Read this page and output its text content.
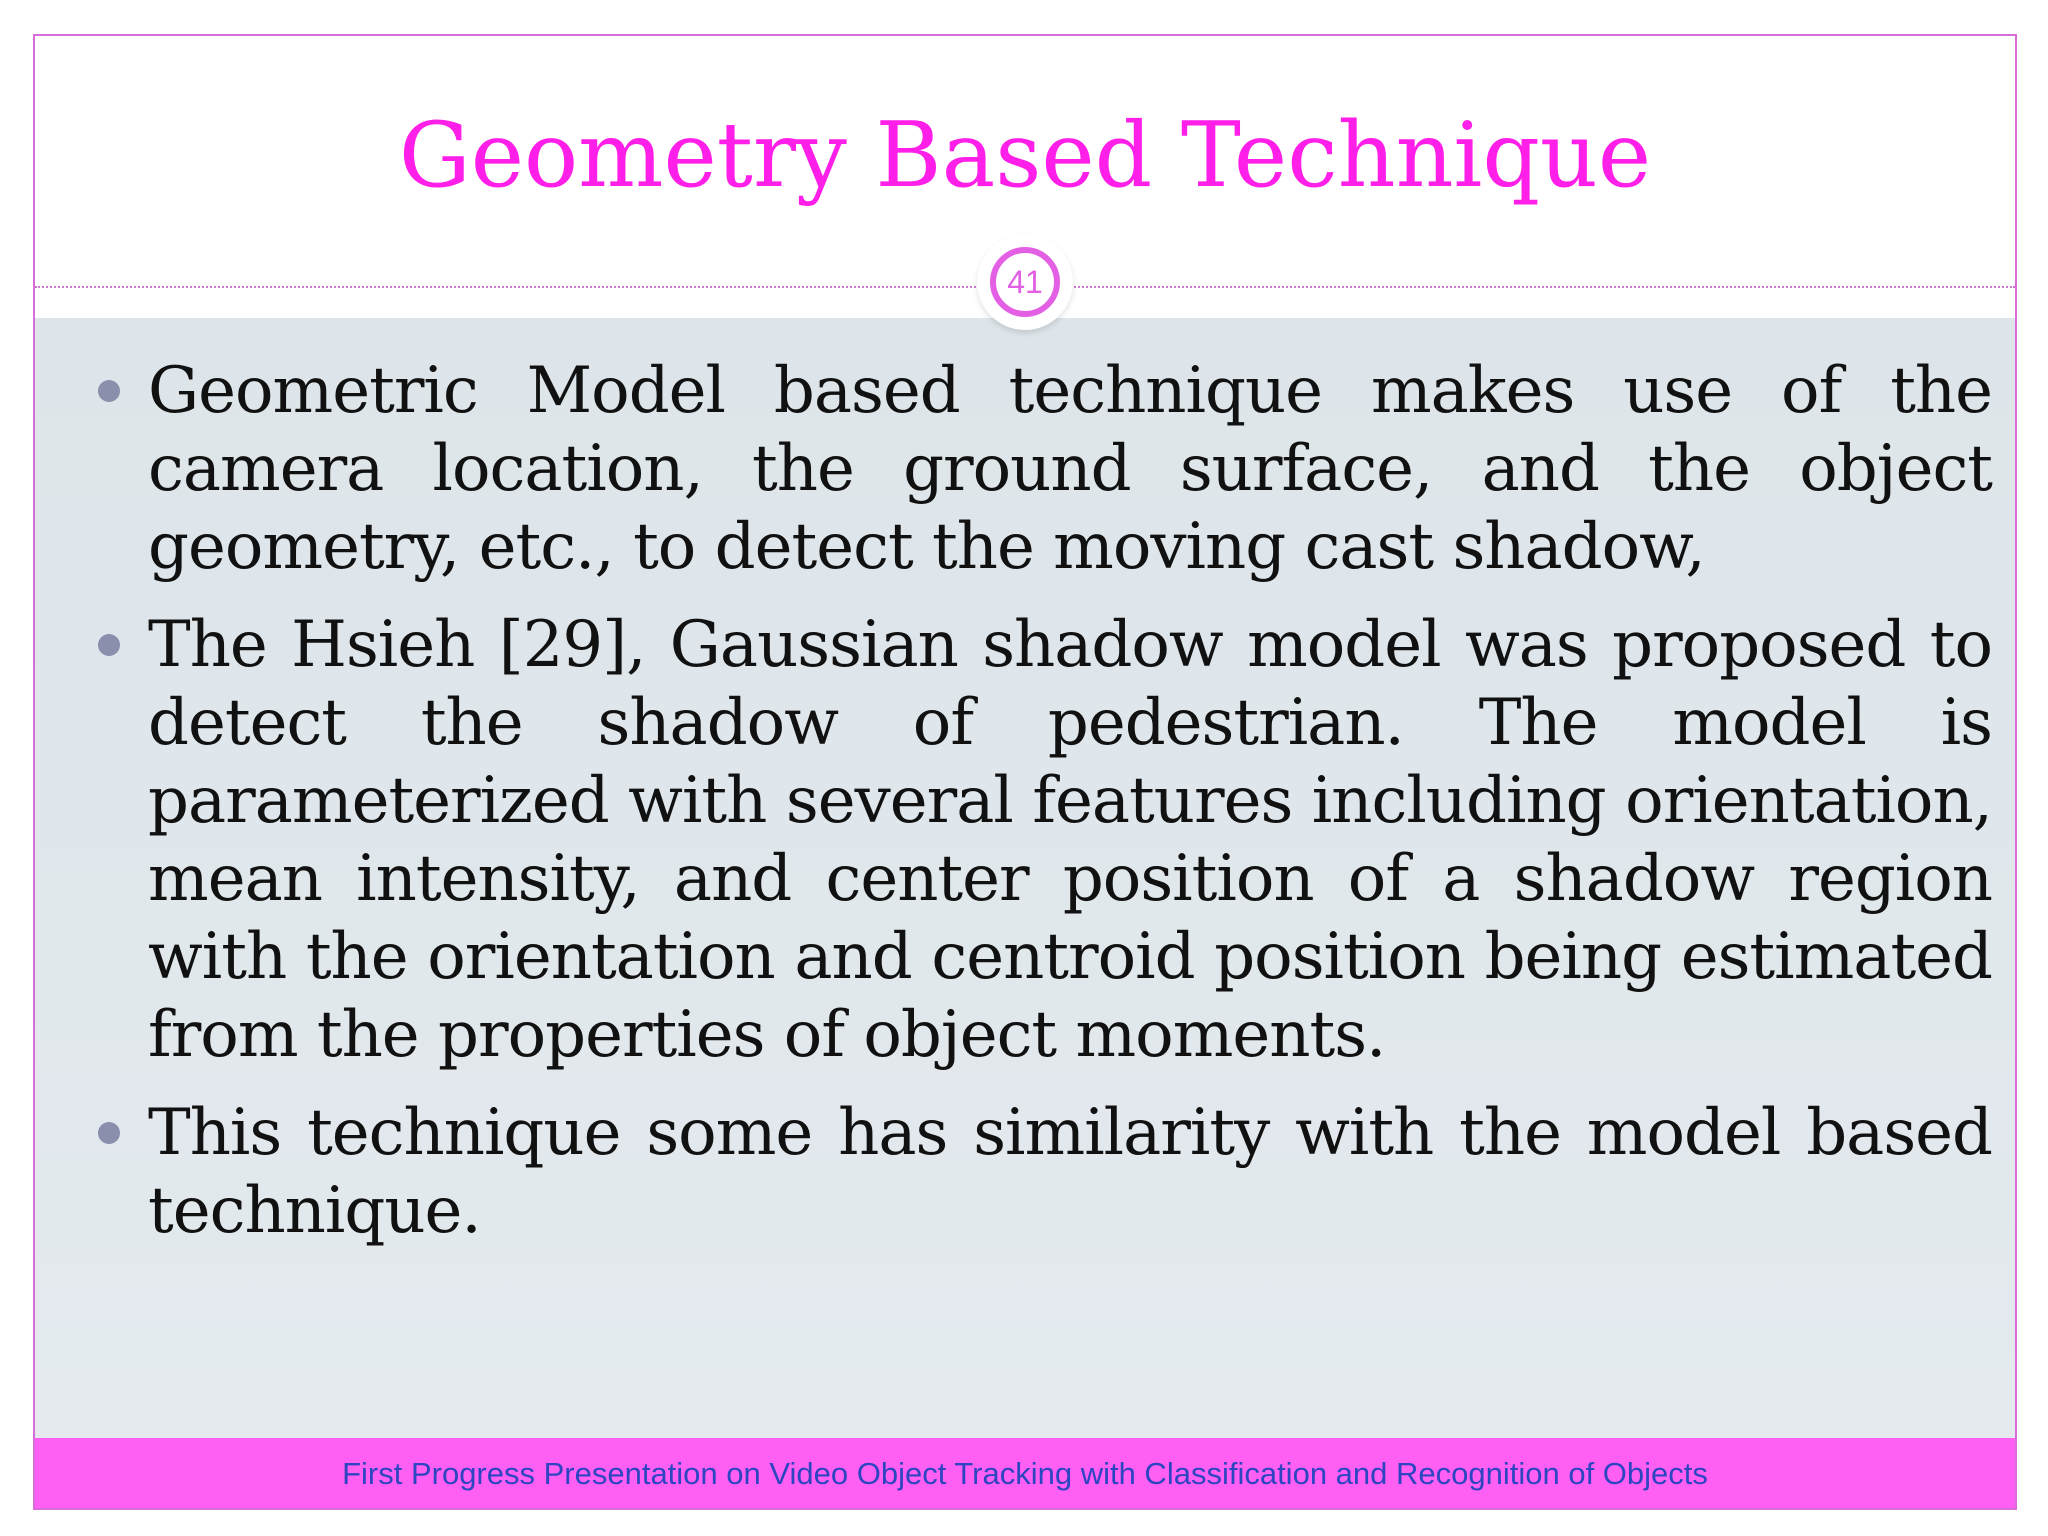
Geometry Based Technique
41
Geometric Model based technique makes use of the camera location, the ground surface, and the object geometry, etc., to detect the moving cast shadow,
The Hsieh [29], Gaussian shadow model was proposed to detect the shadow of pedestrian. The model is parameterized with several features including orientation, mean intensity, and center position of a shadow region with the orientation and centroid position being estimated from the properties of object moments.
This technique some has similarity with the model based technique.
First Progress Presentation on Video Object Tracking with Classification and Recognition of Objects
